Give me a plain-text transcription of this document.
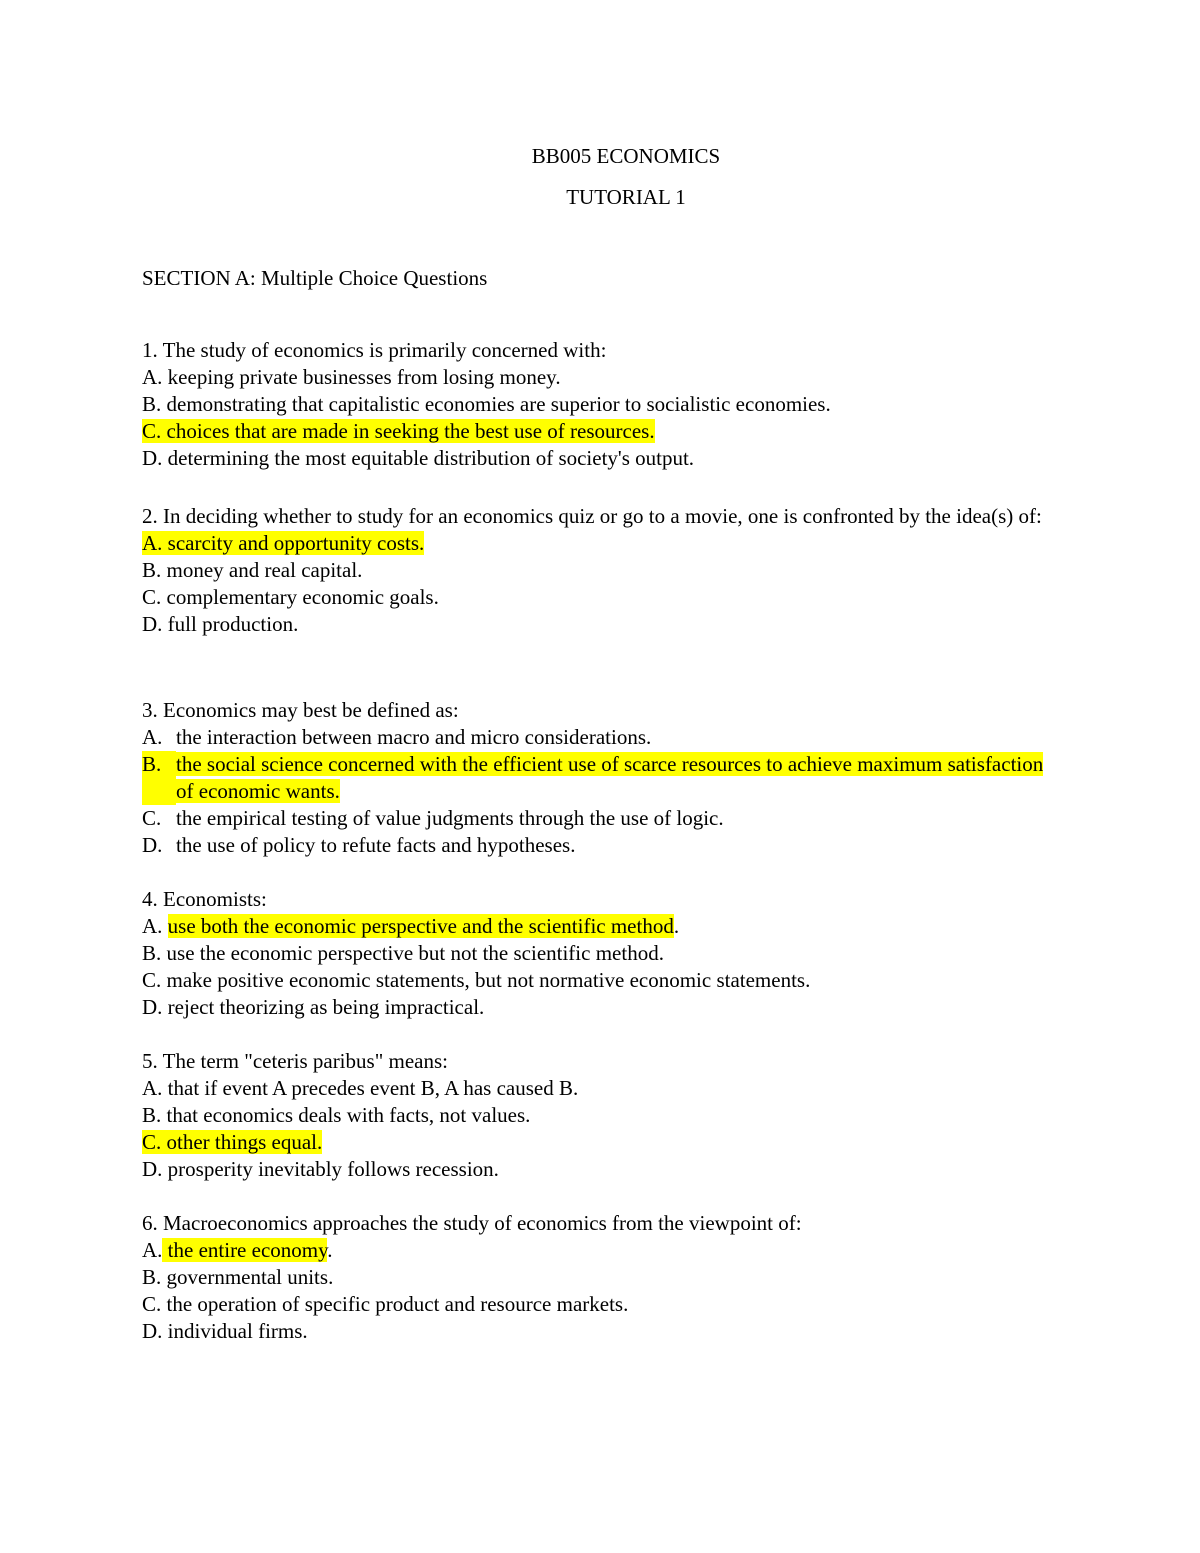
BB005 ECONOMICS
TUTORIAL 1
SECTION A: Multiple Choice Questions
1. The study of economics is primarily concerned with:
A. keeping private businesses from losing money.
B. demonstrating that capitalistic economies are superior to socialistic economies.
C. choices that are made in seeking the best use of resources.
D. determining the most equitable distribution of society's output.
2. In deciding whether to study for an economics quiz or go to a movie, one is confronted by the idea(s) of:
A. scarcity and opportunity costs.
B. money and real capital.
C. complementary economic goals.
D. full production.
3. Economics may best be defined as:
A. the interaction between macro and micro considerations.
B. the social science concerned with the efficient use of scarce resources to achieve maximum satisfaction of economic wants.
C. the empirical testing of value judgments through the use of logic.
D. the use of policy to refute facts and hypotheses.
4. Economists:
A. use both the economic perspective and the scientific method.
B. use the economic perspective but not the scientific method.
C. make positive economic statements, but not normative economic statements.
D. reject theorizing as being impractical.
5. The term "ceteris paribus" means:
A. that if event A precedes event B, A has caused B.
B. that economics deals with facts, not values.
C. other things equal.
D. prosperity inevitably follows recession.
6. Macroeconomics approaches the study of economics from the viewpoint of:
A. the entire economy.
B. governmental units.
C. the operation of specific product and resource markets.
D. individual firms.
